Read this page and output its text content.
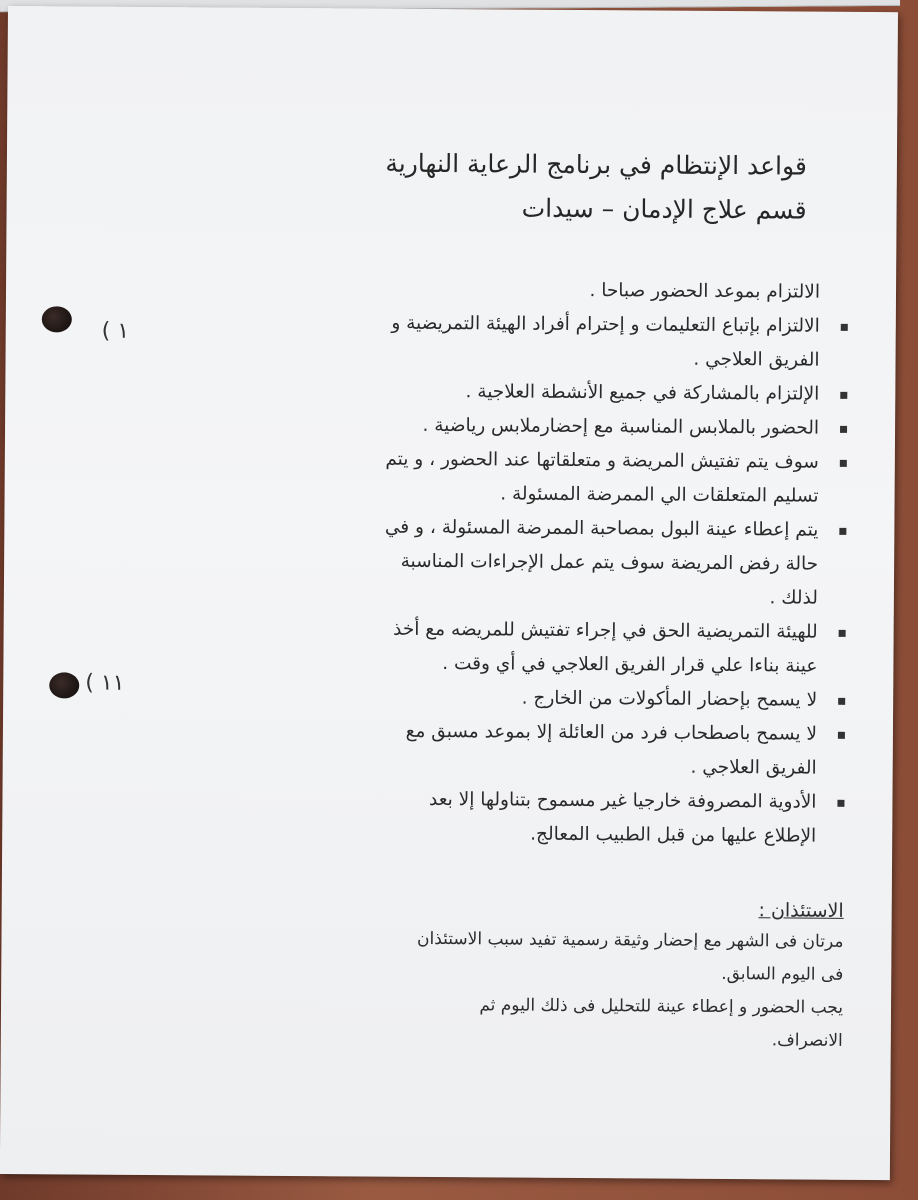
( ١
( ١١
قواعد الإنتظام في برنامج الرعاية النهارية
قسم علاج الإدمان – سيدات
الالتزام بموعد الحضور صباحا .
الالتزام بإتباع التعليمات و إحترام أفراد الهيئة التمريضية و
الفريق العلاجي .
الإلتزام بالمشاركة في جميع الأنشطة العلاجية .
الحضور بالملابس المناسبة مع إحضارملابس رياضية .
سوف يتم تفتيش المريضة و متعلقاتها عند الحضور ، و يتم
تسليم المتعلقات الي الممرضة المسئولة .
يتم إعطاء عينة البول بمصاحبة الممرضة المسئولة ، و في
حالة رفض المريضة سوف يتم عمل الإجراءات المناسبة
لذلك .
للهيئة التمريضية الحق في إجراء تفتيش للمريضه مع أخذ
عينة بناءا علي قرار الفريق العلاجي في أي وقت .
لا يسمح بإحضار المأكولات من الخارج .
لا يسمح باصطحاب فرد من العائلة إلا بموعد مسبق مع
الفريق العلاجي .
الأدوية المصروفة خارجيا غير مسموح بتناولها إلا بعد
الإطلاع عليها من قبل الطبيب المعالج.
الاستئذان :
مرتان فى الشهر مع إحضار وثيقة رسمية تفيد سبب الاستئذان
فى اليوم السابق.
يجب الحضور و إعطاء عينة للتحليل فى ذلك اليوم ثم
الانصراف.
